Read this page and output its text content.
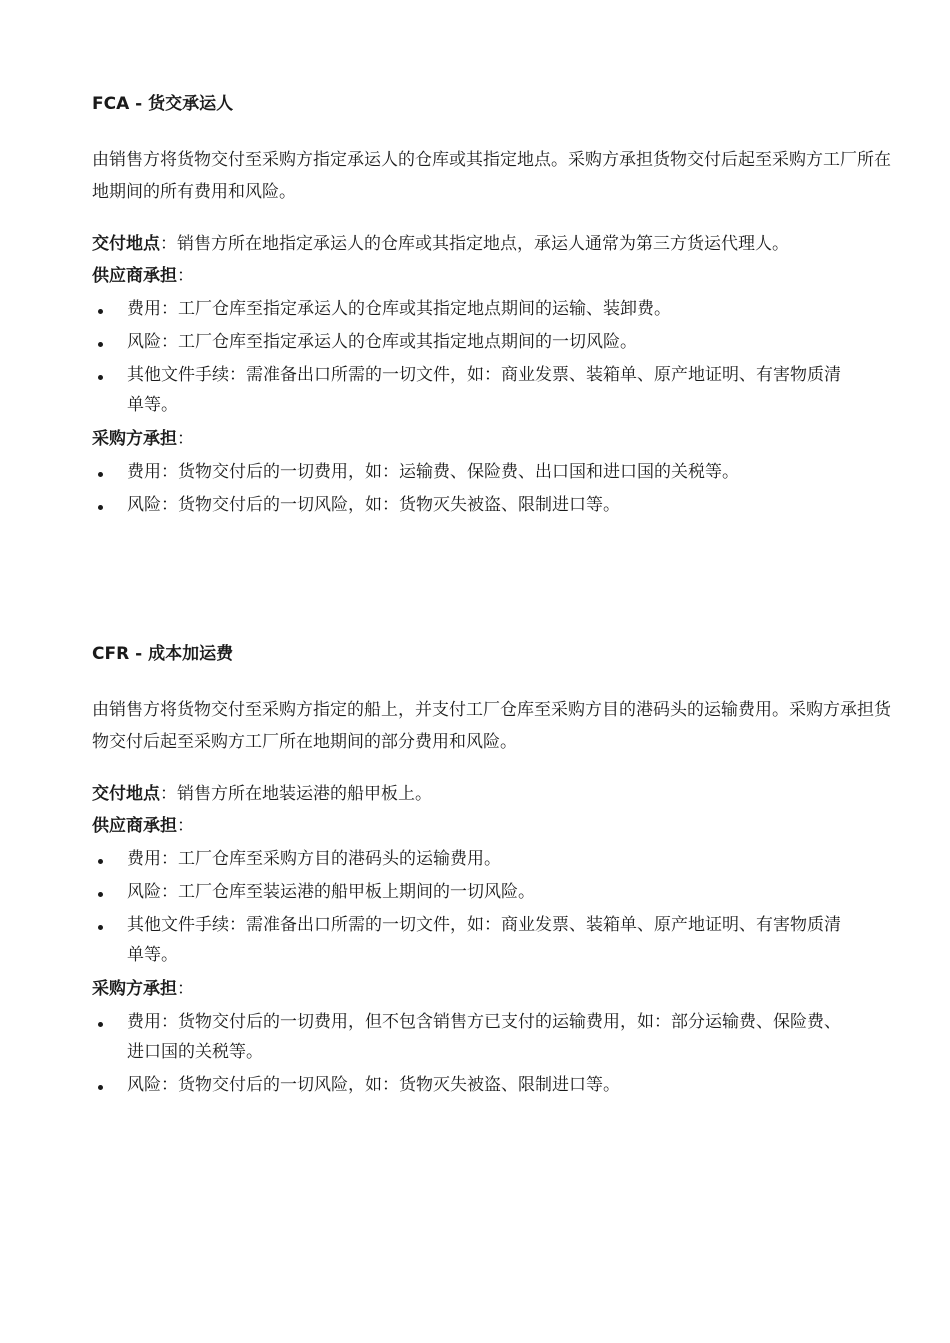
FCA - 货交承运人

由销售方将货物交付至采购方指定承运人的仓库或其指定地点。采购方承担货物交付后起至采购方工厂所在地期间的所有费用和风险。

交付地点：销售方所在地指定承运人的仓库或其指定地点，承运人通常为第三方货运代理人。

供应商承担：

费用：工厂仓库至指定承运人的仓库或其指定地点期间的运输、装卸费。
风险：工厂仓库至指定承运人的仓库或其指定地点期间的一切风险。
其他文件手续：需准备出口所需的一切文件，如：商业发票、装箱单、原产地证明、有害物质清单等。

采购方承担：

费用：货物交付后的一切费用，如：运输费、保险费、出口国和进口国的关税等。
风险：货物交付后的一切风险，如：货物灭失被盗、限制进口等。
CFR - 成本加运费

由销售方将货物交付至采购方指定的船上，并支付工厂仓库至采购方目的港码头的运输费用。采购方承担货物交付后起至采购方工厂所在地期间的部分费用和风险。

交付地点：销售方所在地装运港的船甲板上。

供应商承担：

费用：工厂仓库至采购方目的港码头的运输费用。
风险：工厂仓库至装运港的船甲板上期间的一切风险。
其他文件手续：需准备出口所需的一切文件，如：商业发票、装箱单、原产地证明、有害物质清单等。

采购方承担：

费用：货物交付后的一切费用，但不包含销售方已支付的运输费用，如：部分运输费、保险费、进口国的关税等。
风险：货物交付后的一切风险，如：货物灭失被盗、限制进口等。
